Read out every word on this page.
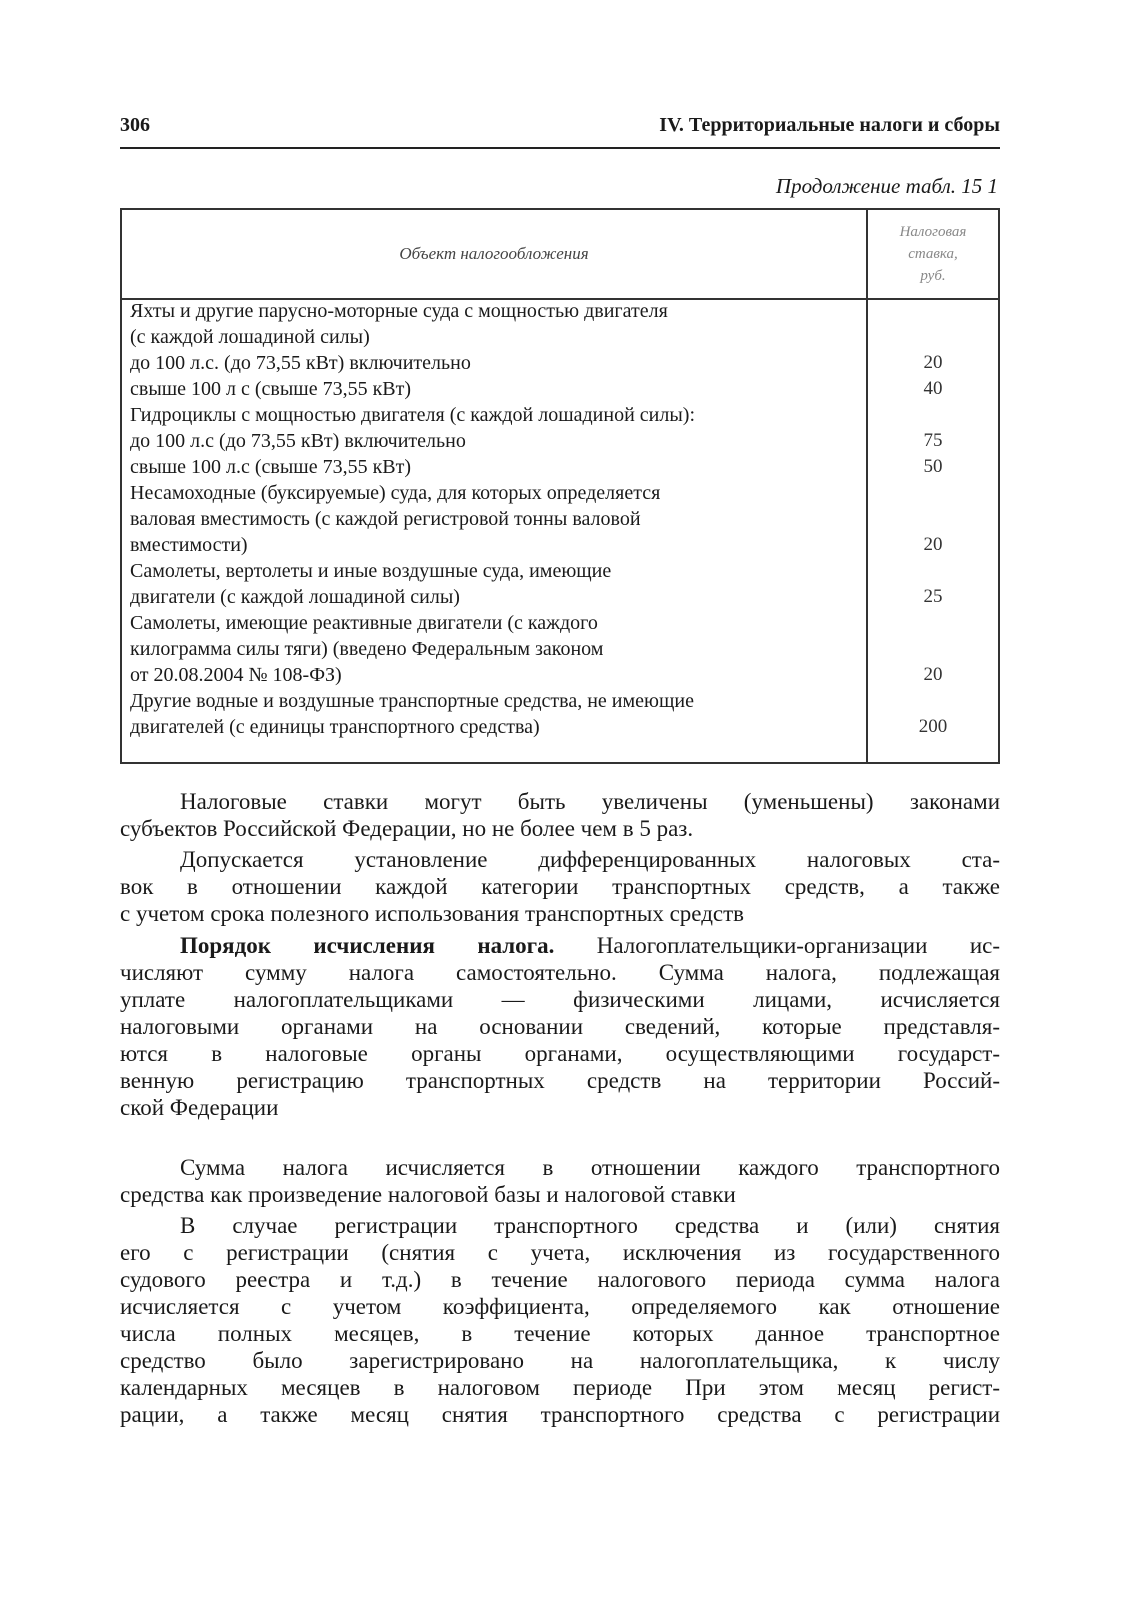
306	IV. Территориальные налоги и сборы
Продолжение табл. 15 1
Объект налогообложения
Налоговая
ставка,
руб.
Яхты и другие парусно-моторные суда с мощностью двигателя
(с каждой лошадиной силы)
до 100 л.с. (до 73,55 кВт) включительно
свыше 100 л с (свыше 73,55 кВт)
Гидроциклы с мощностью двигателя (с каждой лошадиной силы):
до 100 л.с (до 73,55 кВт) включительно
свыше 100 л.с (свыше 73,55 кВт)
Несамоходные (буксируемые) суда, для которых определяется
валовая вместимость (с каждой регистровой тонны валовой
вместимости)
Самолеты, вертолеты и иные воздушные суда, имеющие
двигатели (с каждой лошадиной силы)
Самолеты, имеющие реактивные двигатели (с каждого
килограмма силы тяги) (введено Федеральным законом
от 20.08.2004 № 108-ФЗ)
Другие водные и воздушные транспортные средства, не имеющие
двигателей (с единицы транспортного средства)
20
40
75
50
20
25
20
200
Налоговые ставки могут быть увеличены (уменьшены) законами
субъектов Российской Федерации, но не более чем в 5 раз.
Допускается установление дифференцированных налоговых ста-
вок в отношении каждой категории транспортных средств, а также
с учетом срока полезного использования транспортных средств
Порядок исчисления налога. Налогоплательщики-организации ис-
числяют сумму налога самостоятельно. Сумма налога, подлежащая
уплате налогоплательщиками — физическими лицами, исчисляется
налоговыми органами на основании сведений, которые представля-
ются в налоговые органы органами, осуществляющими государст-
венную регистрацию транспортных средств на территории Россий-
ской Федерации
Сумма налога исчисляется в отношении каждого транспортного
средства как произведение налоговой базы и налоговой ставки
В случае регистрации транспортного средства и (или) снятия
его с регистрации (снятия с учета, исключения из государственного
судового реестра и т.д.) в течение налогового периода сумма налога
исчисляется с учетом коэффициента, определяемого как отношение
числа полных месяцев, в течение которых данное транспортное
средство было зарегистрировано на налогоплательщика, к числу
календарных месяцев в налоговом периоде При этом месяц регист-
рации, а также месяц снятия транспортного средства с регистрации
